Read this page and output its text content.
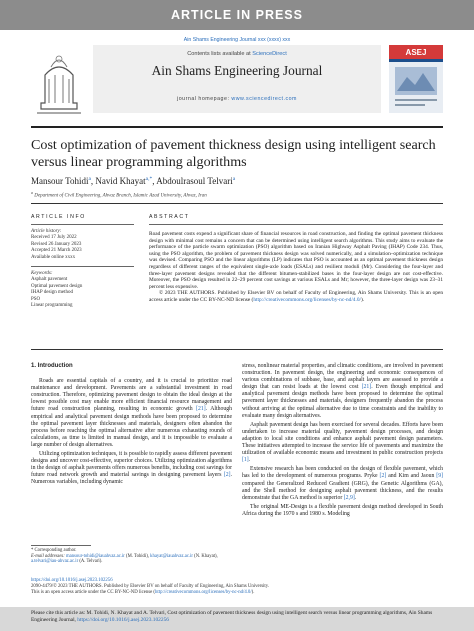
ARTICLE IN PRESS
Ain Shams Engineering Journal xxx (xxxx) xxx
Contents lists available at ScienceDirect
Ain Shams Engineering Journal
journal homepage: www.sciencedirect.com
ASEJ
Cost optimization of pavement thickness design using intelligent search versus linear programming algorithms
Mansour Tohidi$^a$, Navid Khayat$^{a,*}$, Abdoulrasoul Telvari$^a$
$^a$ Department of Civil Engineering, Ahvaz Branch, Islamic Azad University, Ahvaz, Iran
ARTICLE INFO	ABSTRACT
Article history:
Received 17 July 2022
Revised 26 January 2023
Accepted 21 March 2023
Available online xxxx
Keywords:
Asphalt pavement
Optimal pavement design
IHAP design method
PSO
Linear programming
Road pavement costs expend a significant share of financial resources in road construction, and finding the optimal pavement thickness design with minimal cost remains a concern that can be determined using intelligent search algorithms. This study aims to evaluate the performance of the particle swarm optimization (PSO) algorithm based on Iranian Highway Asphalt Paving (IHAP) Code 234. Thus, using the PSO algorithm, the problem of pavement thickness design was solved numerically, and a simulation–optimization technique was devised. Comparing PSO and the linear algorithms (LP) indicates that PSO is accounted as an optimal pavement thickness design regardless of different ranges of the equivalent single-axle loads (ESALs) and resilient moduli (Mr). Considering the four-layer and three-layer pavement designs revealed that the different bitumen-stabilized bases in the four-layer design are not cost-effective. Moreover, the PSO design resulted in 22–29 percent cost savings at various ESALs and Mr; however, the three-layer design was 23–31 percent less expensive.
© 2023 THE AUTHORS. Published by Elsevier BV on behalf of Faculty of Engineering, Ain Shams University. This is an open access article under the CC BY-NC-ND license (http://creativecommons.org/licenses/by-nc-nd/4.0/).
1. Introduction

Roads are essential capitals of a country, and it is crucial to prioritize road maintenance and development. Pavements are a substantial investment in road construction. Therefore, optimizing pavement design to obtain the ideal design at the lowest possible cost may enable more efficient financial resource management and future road construction planning, resulting in economic growth [21]. Although empirical and analytical pavement design methods have been proposed to determine the optimal pavement layer thicknesses and materials, designers often abandon the process before reaching the optimal alternative after numerous exhausting rounds of calculations, as time is limited in manual design, and it is impossible to evaluate a large number of design alternatives.

Utilizing optimization techniques, it is possible to rapidly assess different pavement designs and uncover cost-effective, superior choices. Utilizing optimization algorithms in the design of asphalt pavements offers numerous benefits, including cost savings for future road network growth and material savings in designing pavement layers [2]. Numerous variables, including dynamic

stress, nonlinear material properties, and climatic conditions, are involved in pavement construction. In pavement design, the engineering and economic consequences of various combinations of subbase, base, and asphalt layers are assessed to provide a design that can resist loads at the lowest cost [21]. Even though empirical and analytical pavement design methods have been proposed to determine the optimal pavement layer thicknesses and materials, designers frequently abandon the process without arriving at the optimal alternative due to time constraints and the inability to evaluate many design alternatives.

Asphalt pavement design has been exercised for several decades. Efforts have been undertaken to increase material quality, pavement design processes, and design adaption to local site conditions and enhance asphalt pavement design parameters. These initiatives attempted to increase the service life of pavements and maximize the utilization of available economic means and investment in public construction projects [1].

Extensive research has been conducted on the design of flexible pavement, which has led to the development of numerous programs. Pryke [2] and Kim and Jaoun [9] compared the Generalized Reduced Gradient (GRG), the Genetic Algorithms (GA), and the Shell method for designing asphalt pavement thickness, and the results demonstrate that the GA method is superior [2,9].

The original ME-Design is a flexible pavement design method developed in South Africa during the 1970 s and 1980 s. Modeling

* Corresponding author.
E-mail addresses: mansour-tohidi@iauahvaz.ac.ir (M. Tohidi), khayat@iauahvaz.ac.ir (N. Khayat), a.telvari@iau-ahvaz.ac.ir (A. Telvari).
https://doi.org/10.1016/j.asej.2023.102256
2090-4479/© 2023 THE AUTHORS. Published by Elsevier BV on behalf of Faculty of Engineering, Ain Shams University.
This is an open access article under the CC BY-NC-ND license (http://creativecommons.org/licenses/by-nc-nd/4.0/).
Please cite this article as: M. Tohidi, N. Khayat and A. Telvari, Cost optimization of pavement thickness design using intelligent search versus linear programming algorithms, Ain Shams Engineering Journal, https://doi.org/10.1016/j.asej.2023.102256
